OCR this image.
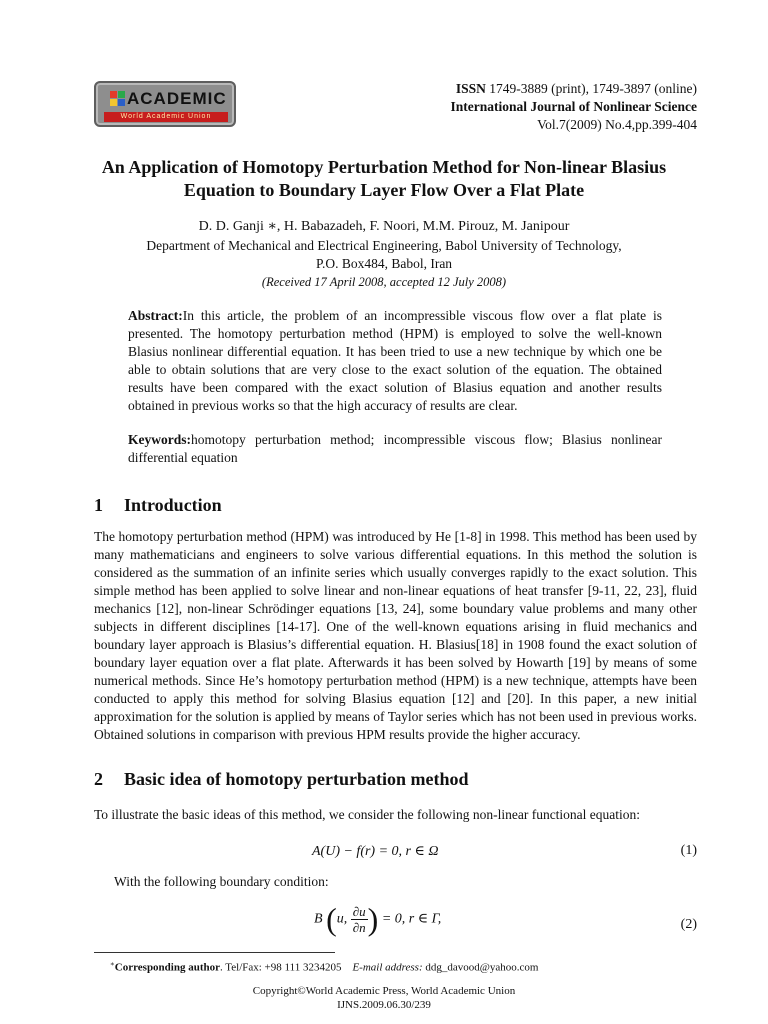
ACADEMIC
World Academic Union
ISSN 1749-3889 (print), 1749-3897 (online)
International Journal of Nonlinear Science
Vol.7(2009) No.4,pp.399-404
An Application of Homotopy Perturbation Method for Non-linear Blasius
Equation to Boundary Layer Flow Over a Flat Plate
D. D. Ganji ∗, H. Babazadeh, F. Noori, M.M. Pirouz, M. Janipour
Department of Mechanical and Electrical Engineering, Babol University of Technology,
P.O. Box484, Babol, Iran
(Received 17 April 2008, accepted 12 July 2008)
Abstract:In this article, the problem of an incompressible viscous flow over a flat plate is presented. The homotopy perturbation method (HPM) is employed to solve the well-known Blasius nonlinear differential equation. It has been tried to use a new technique by which one be able to obtain solutions that are very close to the exact solution of the equation. The obtained results have been compared with the exact solution of Blasius equation and another results obtained in previous works so that the high accuracy of results are clear.
Keywords:homotopy perturbation method; incompressible viscous flow; Blasius nonlinear differential equation
1 Introduction
The homotopy perturbation method (HPM) was introduced by He [1-8] in 1998. This method has been used by many mathematicians and engineers to solve various differential equations. In this method the solution is considered as the summation of an infinite series which usually converges rapidly to the exact solution. This simple method has been applied to solve linear and non-linear equations of heat transfer [9-11, 22, 23], fluid mechanics [12], non-linear Schrödinger equations [13, 24], some boundary value problems and many other subjects in different disciplines [14-17]. One of the well-known equations arising in fluid mechanics and boundary layer approach is Blasius’s differential equation. H. Blasius[18] in 1908 found the exact solution of boundary layer equation over a flat plate. Afterwards it has been solved by Howarth [19] by means of some numerical methods. Since He’s homotopy perturbation method (HPM) is a new technique, attempts have been conducted to apply this method for solving Blasius equation [12] and [20]. In this paper, a new initial approximation for the solution is applied by means of Taylor series which has not been used in previous works. Obtained solutions in comparison with previous HPM results provide the higher accuracy.
2 Basic idea of homotopy perturbation method
To illustrate the basic ideas of this method, we consider the following non-linear functional equation:
A(U) − f(r) = 0, r ∈ Ω	(1)
With the following boundary condition:
B (u, $\frac{\partial u}{\partial n}$ ) = 0, r ∈ Γ,	(2)
∗Corresponding author. Tel/Fax: +98 111 3234205 E-mail address: ddg_davood@yahoo.com
Copyright©World Academic Press, World Academic Union
IJNS.2009.06.30/239
